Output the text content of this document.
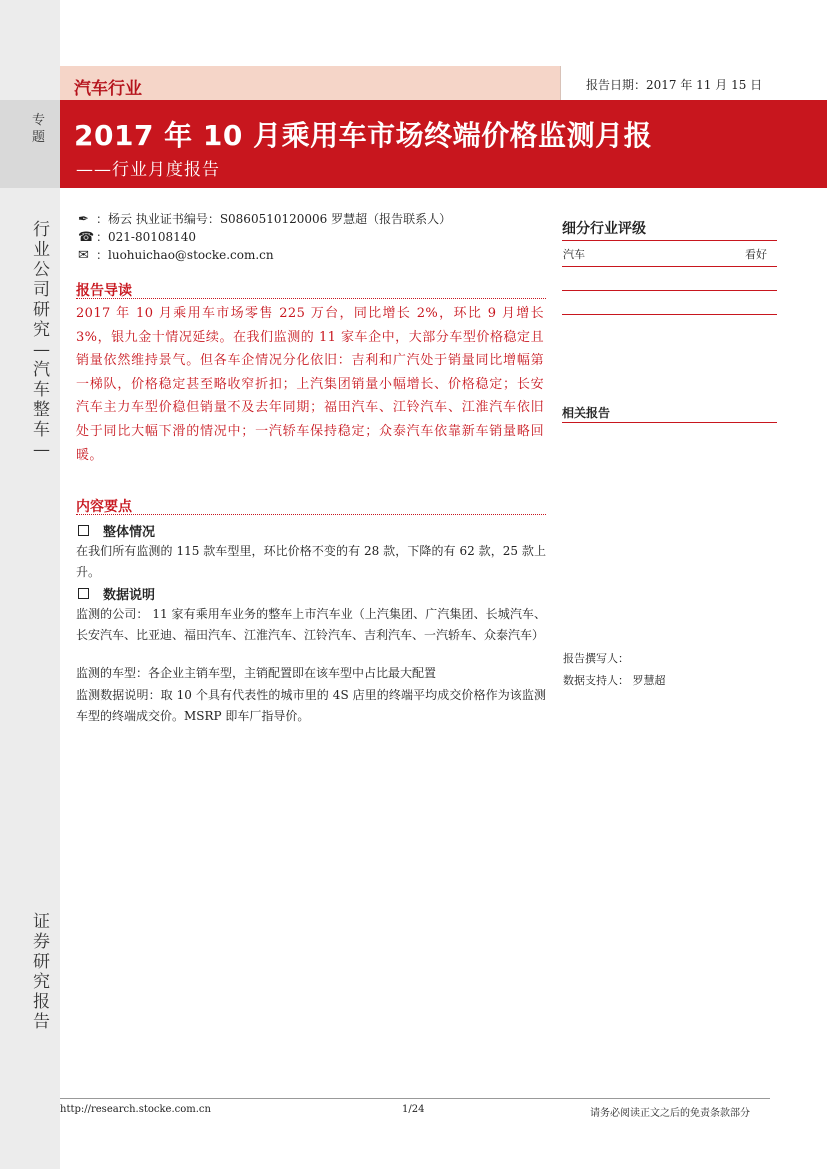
汽车行业	报告日期：2017 年 11 月 15 日
专题 2017 年 10 月乘用车市场终端价格监测月报
——行业月度报告
行业公司研究—汽车整车—
证券研究报告
✒ ：杨云 执业证书编号：S0860510120006 罗慧超（报告联系人）
☎ ：021-80108140
✉ ：luohuichao@stocke.com.cn
报告导读
2017 年 10 月乘用车市场零售 225 万台，同比增长 2%，环比 9 月增长 3%，银九金十情况延续。在我们监测的 11 家车企中，大部分车型价格稳定且销量依然维持景气。但各车企情况分化依旧：吉利和广汽处于销量同比增幅第一梯队，价格稳定甚至略收窄折扣；上汽集团销量小幅增长、价格稳定；长安汽车主力车型价稳但销量不及去年同期；福田汽车、江铃汽车、江淮汽车依旧处于同比大幅下滑的情况中；一汽轿车保持稳定；众泰汽车依靠新车销量略回暖。
内容要点
整体情况
在我们所有监测的 115 款车型里，环比价格不变的有 28 款，下降的有 62 款，25 款上升。
数据说明
监测的公司： 11 家有乘用车业务的整车上市汽车业（上汽集团、广汽集团、长城汽车、长安汽车、比亚迪、福田汽车、江淮汽车、江铃汽车、吉利汽车、一汽轿车、众泰汽车）
监测的车型：各企业主销车型，主销配置即在该车型中占比最大配置
监测数据说明：取 10 个具有代表性的城市里的 4S 店里的终端平均成交价格作为该监测车型的终端成交价。MSRP 即车厂指导价。
细分行业评级
汽车	看好
相关报告
报告撰写人：
数据支持人： 罗慧超
http://research.stocke.com.cn	1/24	请务必阅读正文之后的免责条款部分
